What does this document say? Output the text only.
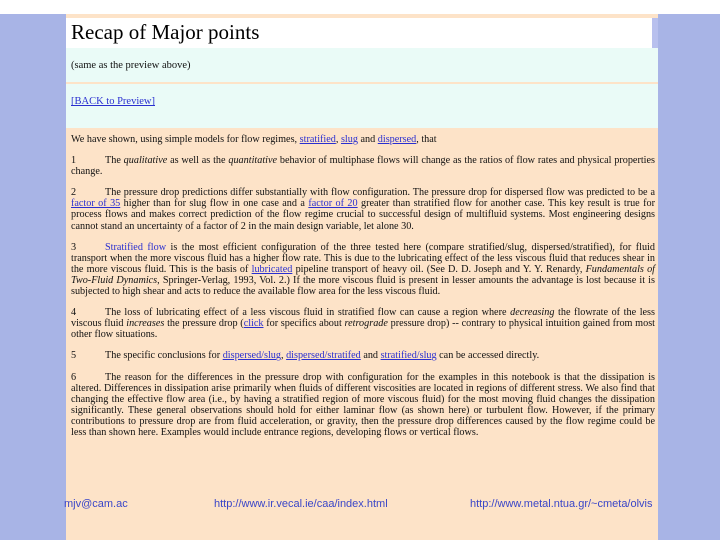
Recap of Major points
(same as the preview above)
[BACK to Preview]

We have shown, using simple models for flow regimes, stratified, slug and dispersed, that

1	The qualitative as well as the quantitative behavior of multiphase flows will change as the ratios of flow rates and physical properties change.

2	The pressure drop predictions differ substantially with flow configuration. The pressure drop for dispersed flow was predicted to be a factor of 35 higher than for slug flow in one case and a factor of 20 greater than stratified flow for another case. This key result is true for process flows and makes correct prediction of the flow regime crucial to successful design of multifluid systems. Most engineering designs cannot stand an uncertainty of a factor of 2 in the main design variable, let alone 30.

3	Stratified flow is the most efficient configuration of the three tested here (compare stratified/slug, dispersed/stratified), for fluid transport when the more viscous fluid has a higher flow rate. This is due to the lubricating effect of the less viscous fluid that reduces shear in the more viscous fluid. This is the basis of lubricated pipeline transport of heavy oil. (See D. D. Joseph and Y. Y. Renardy, Fundamentals of Two-Fluid Dynamics, Springer-Verlag, 1993, Vol. 2.) If the more viscous fluid is present in lesser amounts the advantage is lost because it is subjected to high shear and acts to reduce the available flow area for the less viscous fluid.

4	The loss of lubricating effect of a less viscous fluid in stratified flow can cause a region where decreasing the flowrate of the less viscous fluid increases the pressure drop (click for specifics about retrograde pressure drop) -- contrary to physical intuition gained from most other flow situations.

5	The specific conclusions for dispersed/slug, dispersed/stratifed and stratified/slug can be accessed directly.

6	The reason for the differences in the pressure drop with configuration for the examples in this notebook is that the dissipation is altered. Differences in dissipation arise primarily when fluids of different viscosities are located in regions of different stress. We also find that changing the effective flow area (i.e., by having a stratified region of more viscous fluid) for the most moving fluid changes the dissipation significantly. These general observations should hold for either laminar flow (as shown here) or turbulent flow. However, if the primary contributions to pressure drop are from fluid acceleration, or gravity, then the pressure drop differences caused by the flow regime could be less than shown here. Examples would include entrance regions, developing flows or vertical flows.

mjv@cam.ac	http://www.ir.vecal.ie/caa/index.html	http://www.metal.ntua.gr/~cmeta/olvis
